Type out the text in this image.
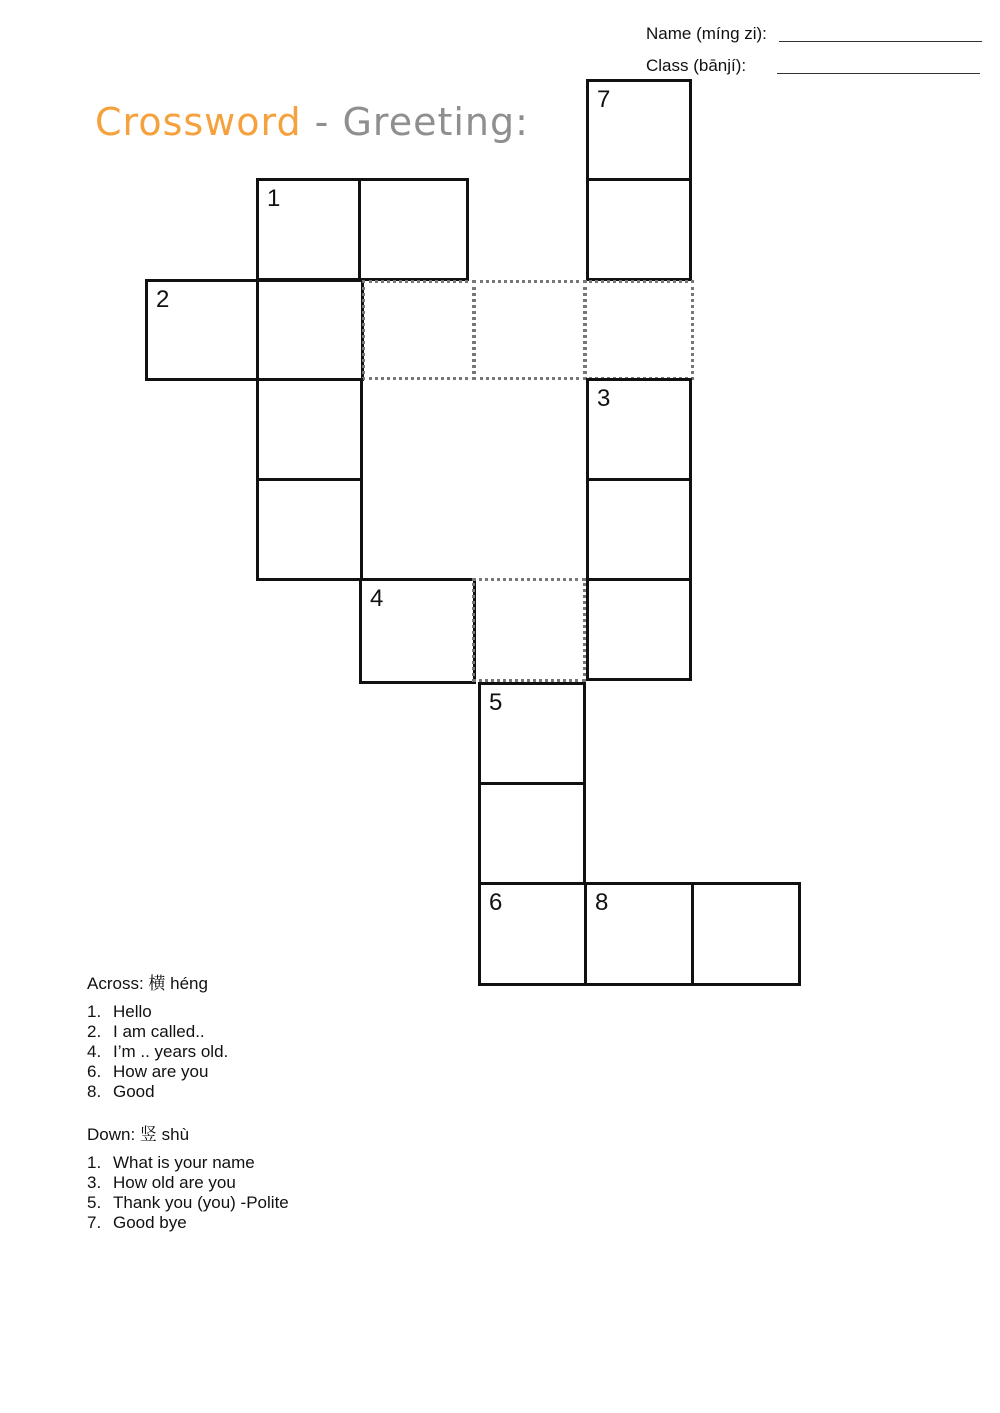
Name (míng zi):
Class (bānjí):
Crossword - Greeting:
7
1
2
3
4
5
6	8
Across: 横 héng
1. Hello
2. I am called..
4. I’m .. years old.
6. How are you
8. Good
Down: 竖 shù
1. What is your name
3. How old are you
5. Thank you (you) -Polite
7. Good bye
